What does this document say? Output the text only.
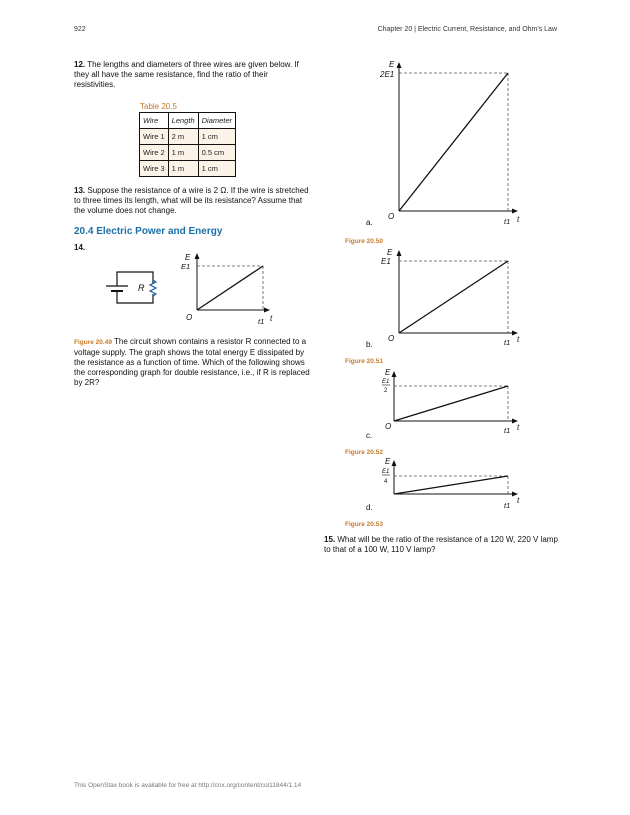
922	Chapter 20 | Electric Current, Resistance, and Ohm's Law
12. The lengths and diameters of three wires are given below. If they all have the same resistance, find the ratio of their resistivities.
Table 20.5
Wire	Length	Diameter
Wire 1	2 m	1 cm
Wire 2	1 m	0.5 cm
Wire 3	1 m	1 cm
13. Suppose the resistance of a wire is 2 Ω. If the wire is stretched to three times its length, what will be its resistance? Assume that the volume does not change.
20.4 Electric Power and Energy
14.
R
E
E1
O	t1 t
Figure 20.49 The circuit shown contains a resistor R connected to a voltage supply. The graph shows the total energy E dissipated by the resistance as a function of time. Which of the following shows the corresponding graph for double resistance, i.e., if R is replaced by 2R?
E
2E1
O
t1 t
a.
Figure 20.50
E
E1
O	t1 t
b.
Figure 20.51
E
E1
2
O	t1 t
c.
Figure 20.52
E
E1
4
t1
t
d.
Figure 20.53
15. What will be the ratio of the resistance of a 120 W, 220 V lamp to that of a 100 W, 110 V lamp?
This OpenStax book is available for free at http://cnx.org/content/col11844/1.14
